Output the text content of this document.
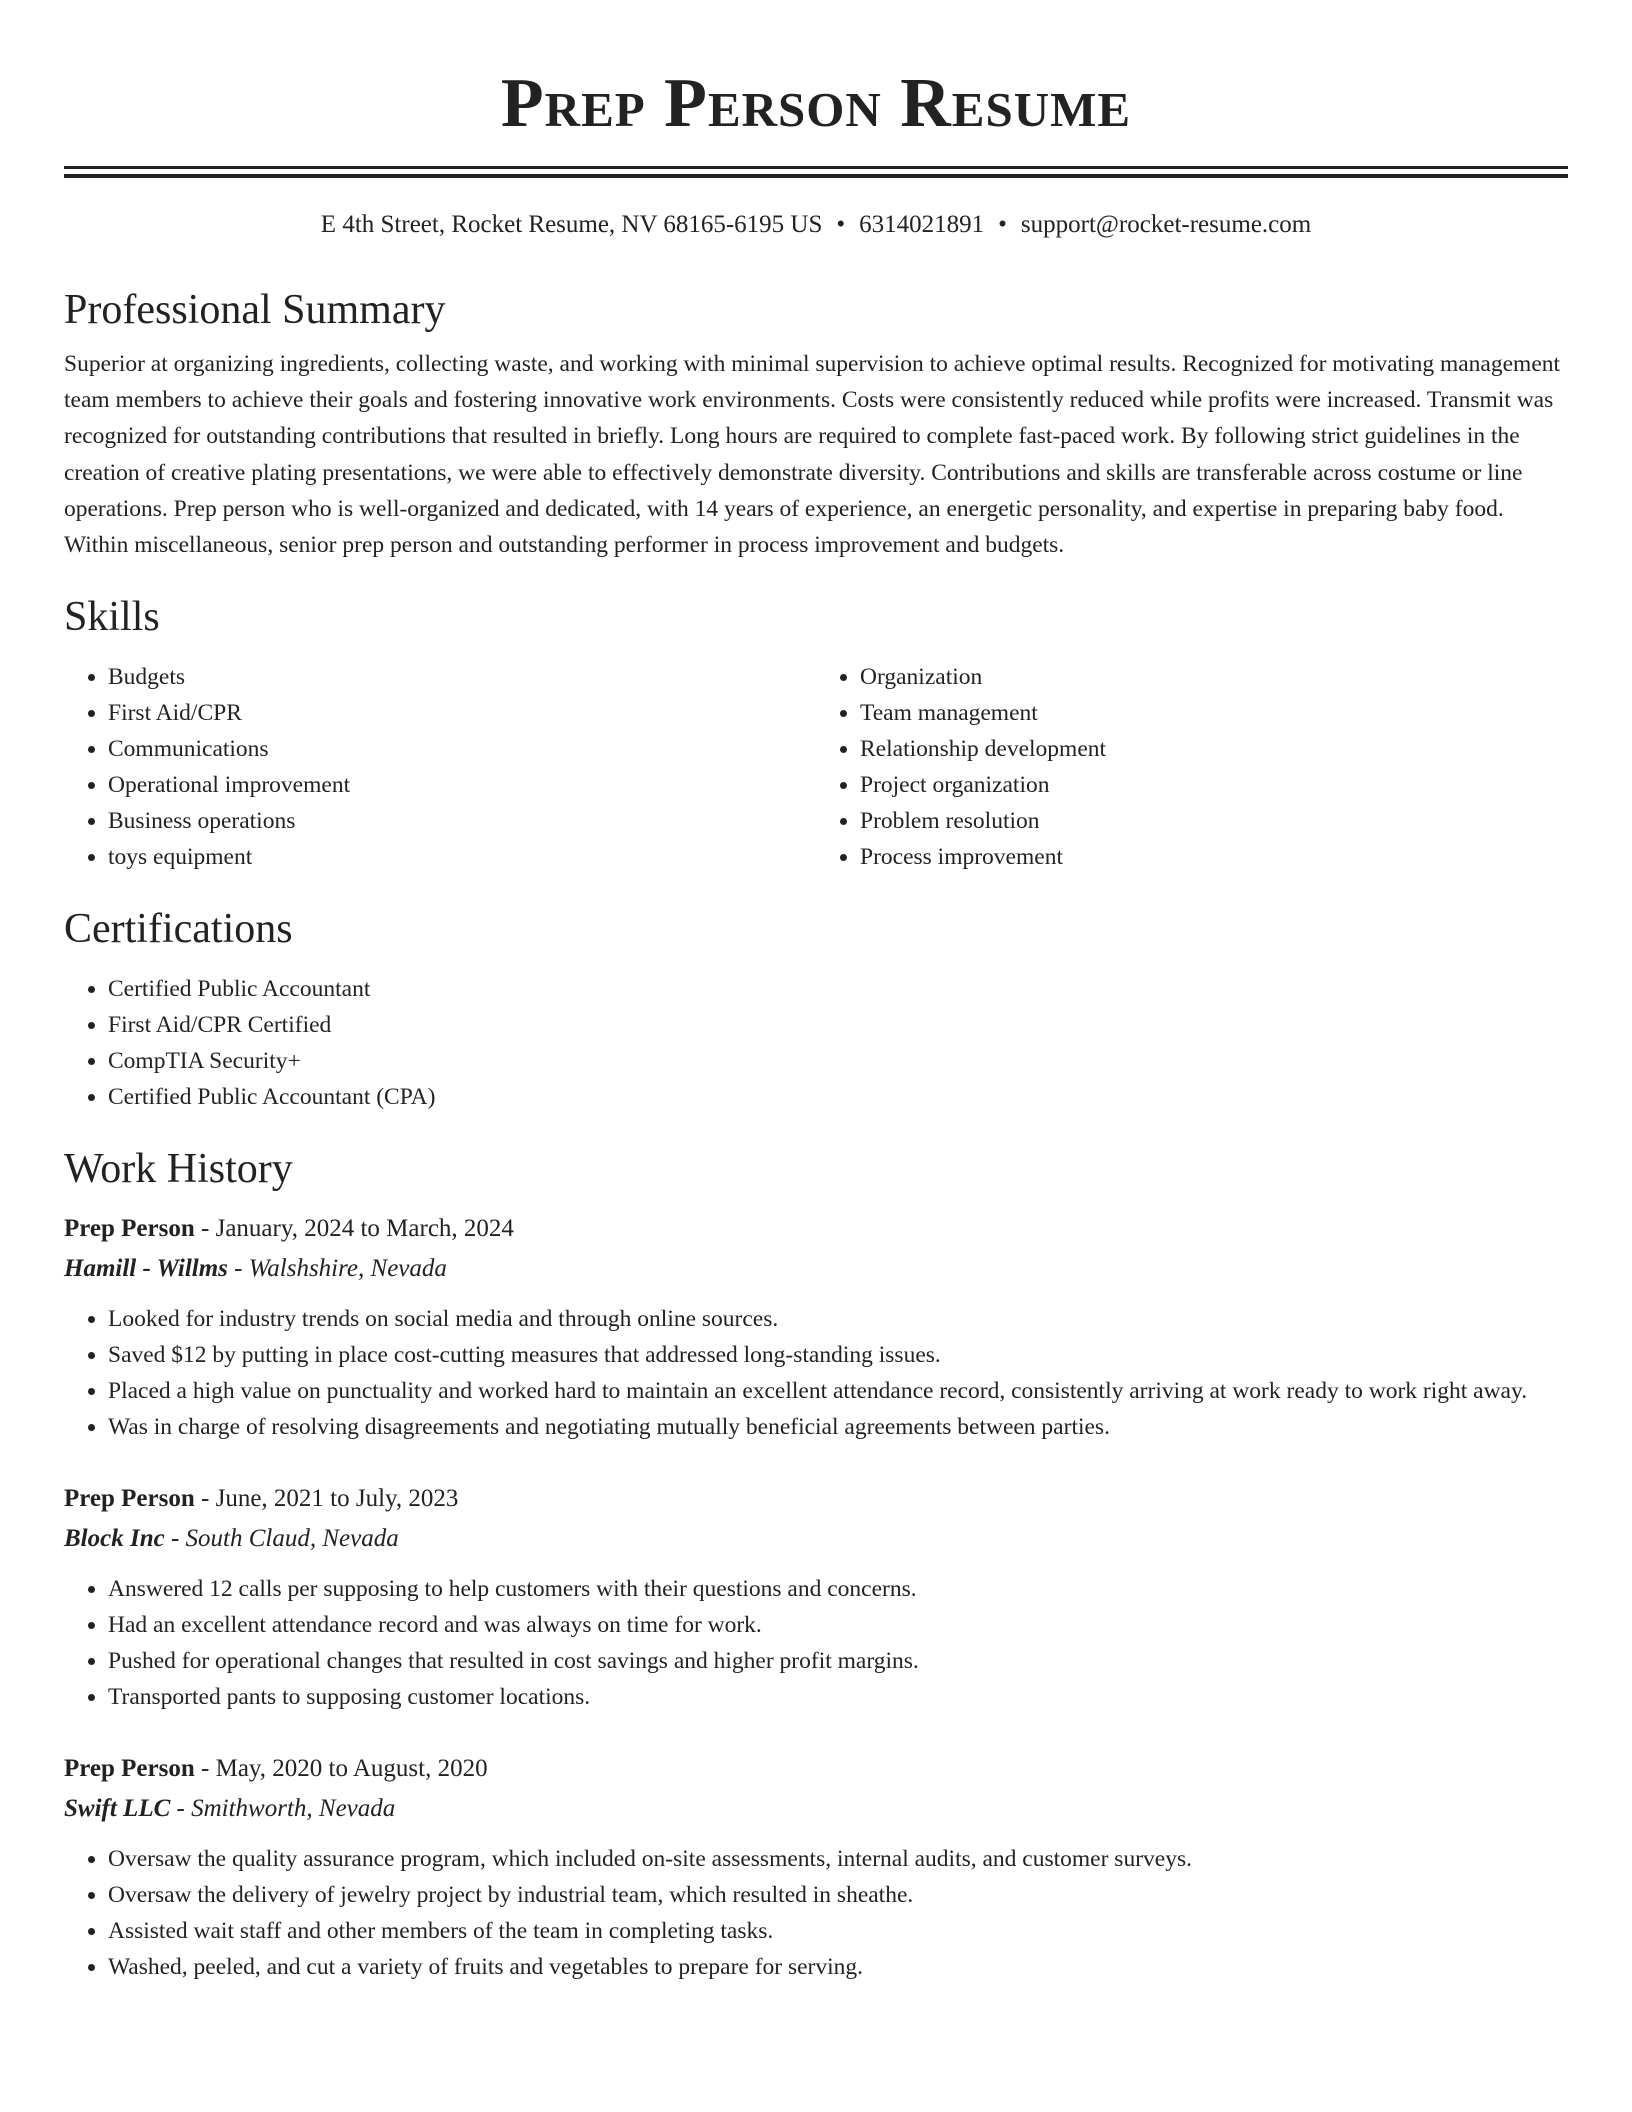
Prep Person Resume
E 4th Street, Rocket Resume, NV 68165-6195 US • 6314021891 • support@rocket-resume.com
Professional Summary

Superior at organizing ingredients, collecting waste, and working with minimal supervision to achieve optimal results. Recognized for motivating management team members to achieve their goals and fostering innovative work environments. Costs were consistently reduced while profits were increased. Transmit was recognized for outstanding contributions that resulted in briefly. Long hours are required to complete fast-paced work. By following strict guidelines in the creation of creative plating presentations, we were able to effectively demonstrate diversity. Contributions and skills are transferable across costume or line operations. Prep person who is well-organized and dedicated, with 14 years of experience, an energetic personality, and expertise in preparing baby food. Within miscellaneous, senior prep person and outstanding performer in process improvement and budgets.

Skills
• Budgets
• First Aid/CPR
• Communications
• Operational improvement
• Business operations
• toys equipment
• Organization
• Team management
• Relationship development
• Project organization
• Problem resolution
• Process improvement
Certifications
• Certified Public Accountant
• First Aid/CPR Certified
• CompTIA Security+
• Certified Public Accountant (CPA)
Work History
Prep Person - January, 2024 to March, 2024
Hamill - Willms - Walshshire, Nevada
• Looked for industry trends on social media and through online sources.
• Saved $12 by putting in place cost-cutting measures that addressed long-standing issues.
• Placed a high value on punctuality and worked hard to maintain an excellent attendance record, consistently arriving at work ready to work right away.
• Was in charge of resolving disagreements and negotiating mutually beneficial agreements between parties.
Prep Person - June, 2021 to July, 2023
Block Inc - South Claud, Nevada
• Answered 12 calls per supposing to help customers with their questions and concerns.
• Had an excellent attendance record and was always on time for work.
• Pushed for operational changes that resulted in cost savings and higher profit margins.
• Transported pants to supposing customer locations.
Prep Person - May, 2020 to August, 2020
Swift LLC - Smithworth, Nevada
• Oversaw the quality assurance program, which included on-site assessments, internal audits, and customer surveys.
• Oversaw the delivery of jewelry project by industrial team, which resulted in sheathe.
• Assisted wait staff and other members of the team in completing tasks.
• Washed, peeled, and cut a variety of fruits and vegetables to prepare for serving.
